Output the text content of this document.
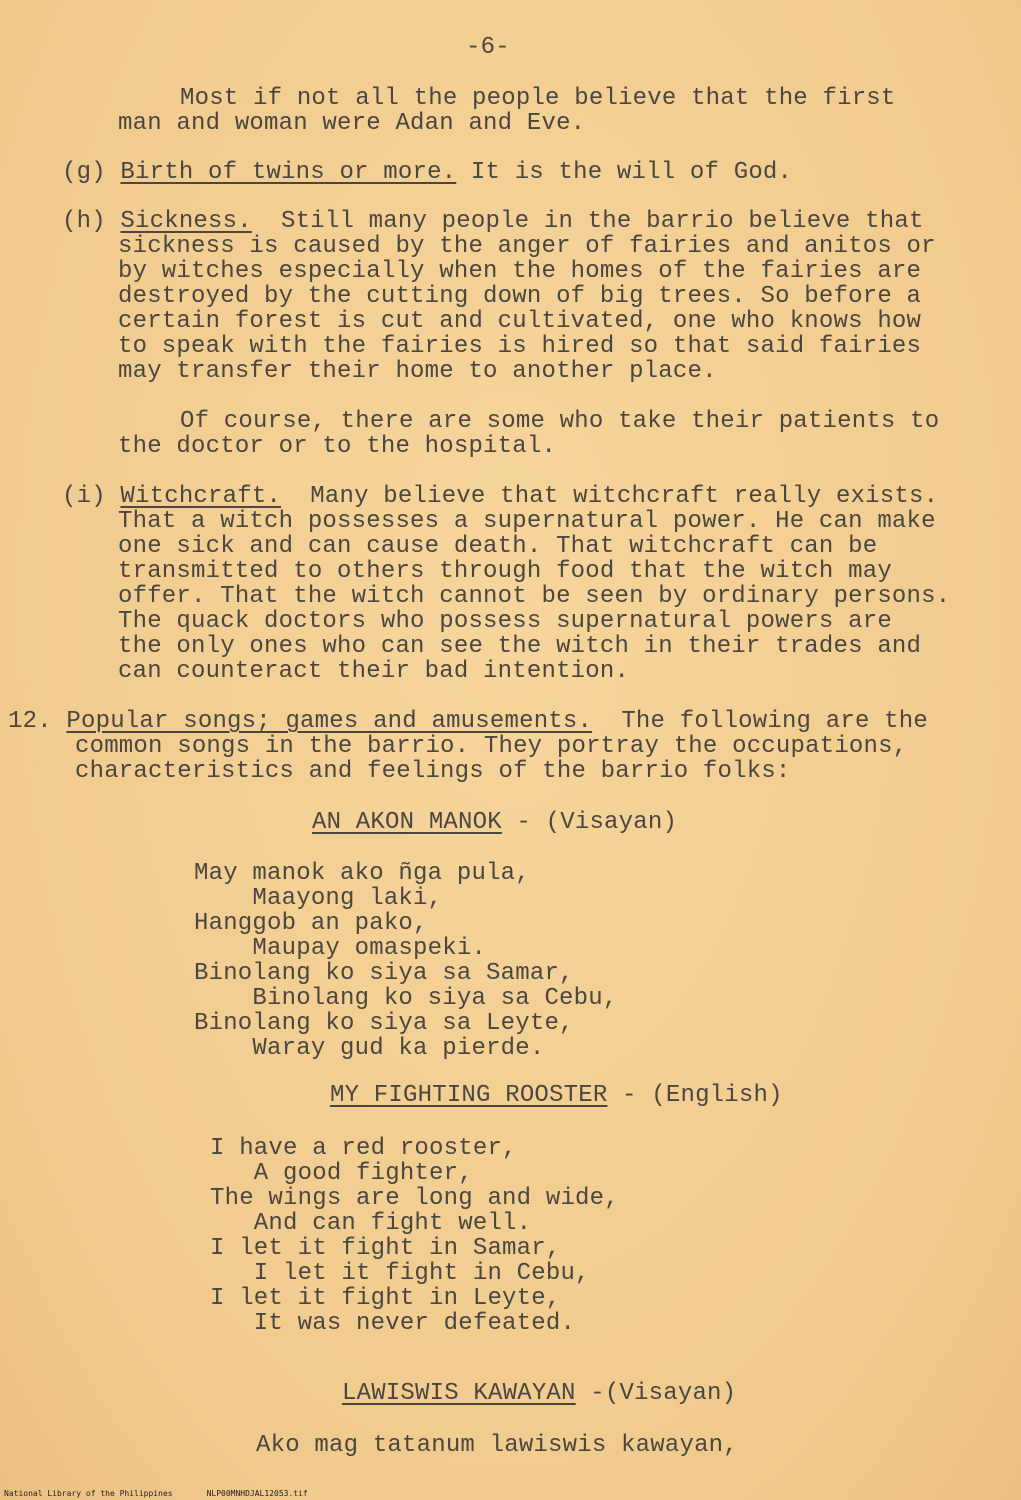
-6-
Most if not all the people believe that the first
man and woman were Adan and Eve.
(g) Birth of twins or more. It is the will of God.
(h) Sickness.  Still many people in the barrio believe that
sickness is caused by the anger of fairies and anitos or
by witches especially when the homes of the fairies are
destroyed by the cutting down of big trees. So before a
certain forest is cut and cultivated, one who knows how
to speak with the fairies is hired so that said fairies
may transfer their home to another place.
Of course, there are some who take their patients to
the doctor or to the hospital.
(i) Witchcraft.  Many believe that witchcraft really exists.
That a witch possesses a supernatural power. He can make
one sick and can cause death. That witchcraft can be
transmitted to others through food that the witch may
offer. That the witch cannot be seen by ordinary persons.
The quack doctors who possess supernatural powers are
the only ones who can see the witch in their trades and
can counteract their bad intention.
12. Popular songs; games and amusements.  The following are the
common songs in the barrio. They portray the occupations,
characteristics and feelings of the barrio folks:
AN AKON MANOK - (Visayan)
May manok ako ñga pula,
Maayong laki,
Hanggob an pako,
Maupay omaspeki.
Binolang ko siya sa Samar,
Binolang ko siya sa Cebu,
Binolang ko siya sa Leyte,
Waray gud ka pierde.
MY FIGHTING ROOSTER - (English)
I have a red rooster,
A good fighter,
The wings are long and wide,
And can fight well.
I let it fight in Samar,
I let it fight in Cebu,
I let it fight in Leyte,
It was never defeated.
LAWISWIS KAWAYAN -(Visayan)
Ako mag tatanum lawiswis kawayan,
National Library of the Philippines	NLP00MNHDJAL12053.tif
